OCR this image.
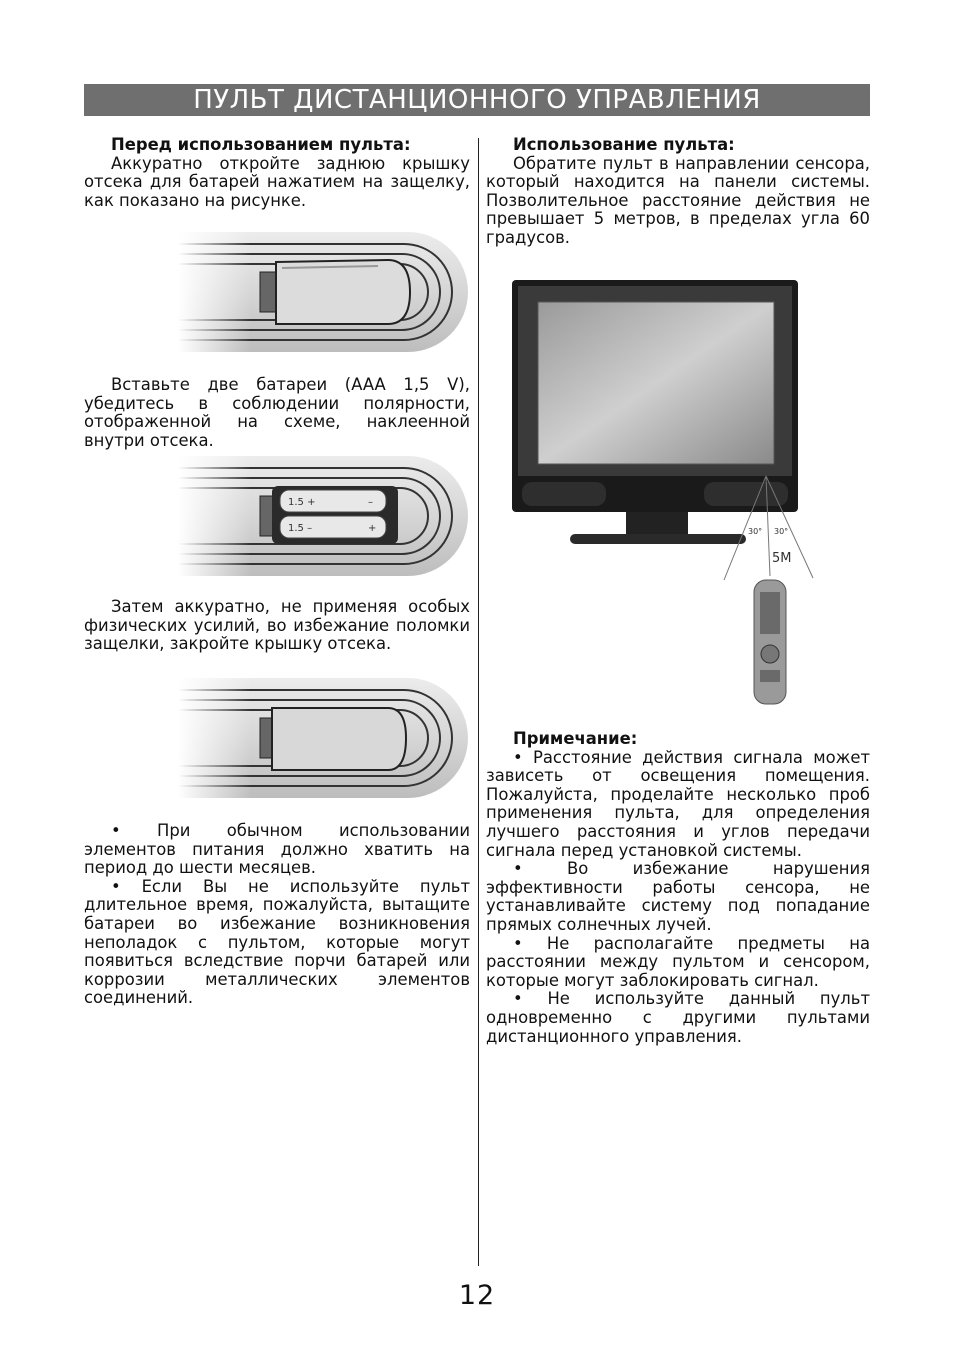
ПУЛЬТ ДИСТАНЦИОННОГО УПРАВЛЕНИЯ
Перед использованием пульта:

Аккуратно откройте заднюю крышку отсека для батарей нажатием на защелку, как показано на рисунке.

Вставьте две батареи (AAA 1,5 V), убедитесь в соблюдении полярности, отображенной на схеме, наклеенной внутри отсека.

Затем аккуратно, не применяя особых физических усилий, во избежание поломки защелки, закройте крышку отсека.

• При обычном использовании элементов питания должно хватить на период до шести месяцев.

• Если Вы не используйте пульт длительное время, пожалуйста, вытащите батареи во избежание возникновения неполадок с пультом, которые могут появиться вследствие порчи батарей или коррозии металлических элементов соединений.

Использование пульта:

Обратите пульт в направлении сенсора, который находится на панели системы. Позволительное расстояние действия не превышает 5 метров, в пределах угла 60 градусов.

30° 30°
5M
Примечание:

• Расстояние действия сигнала может зависеть от освещения помещения. Пожалуйста, проделайте несколько проб применения пульта, для определения лучшего расстояния и углов передачи сигнала перед установкой системы.

• Во избежание нарушения эффективности работы сенсора, не устанавливайте систему под попадание прямых солнечных лучей.

• Не располагайте предметы на расстоянии между пультом и сенсором, которые могут заблокировать сигнал.

• Не используйте данный пульт одновременно с другими пультами дистанционного управления.

12
